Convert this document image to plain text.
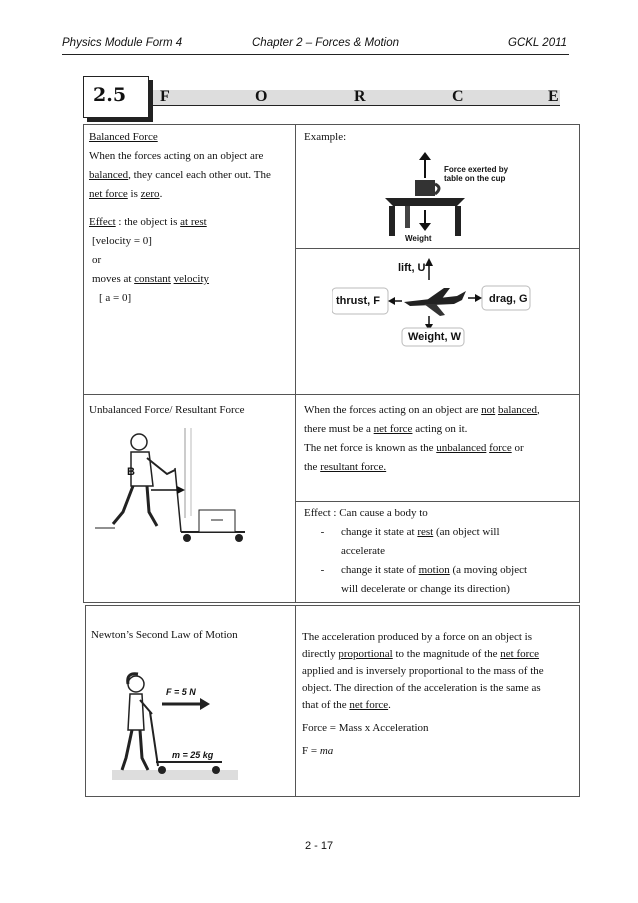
Physics Module Form 4	Chapter 2 – Forces & Motion	GCKL 2011
2.5 F	O	R	C	E
Balanced Force
When the forces acting on an object are
balanced, they cancel each other out. The
net force is zero.
Effect : the object is at rest
[velocity = 0]
or
moves at constant velocity
[ a = 0]
Example:
Force exerted by
table on the cup
Weight
lift, U
thrust, F	drag, G
Weight, W
Unbalanced Force/ Resultant Force
B
When the forces acting on an object are not balanced,
there must be a net force acting on it.
The net force is known as the unbalanced force or
the resultant force.
Effect : Can cause a body to
-	change it state at rest (an object will
accelerate
-	change it state of motion (a moving object
will decelerate or change its direction)
Newton’s Second Law of Motion
F = 5 N
m = 25 kg
The acceleration produced by a force on an object is
directly proportional to the magnitude of the net force
applied and is inversely proportional to the mass of the
object. The direction of the acceleration is the same as
that of the net force.
Force = Mass x Acceleration
F = ma
2 - 17
